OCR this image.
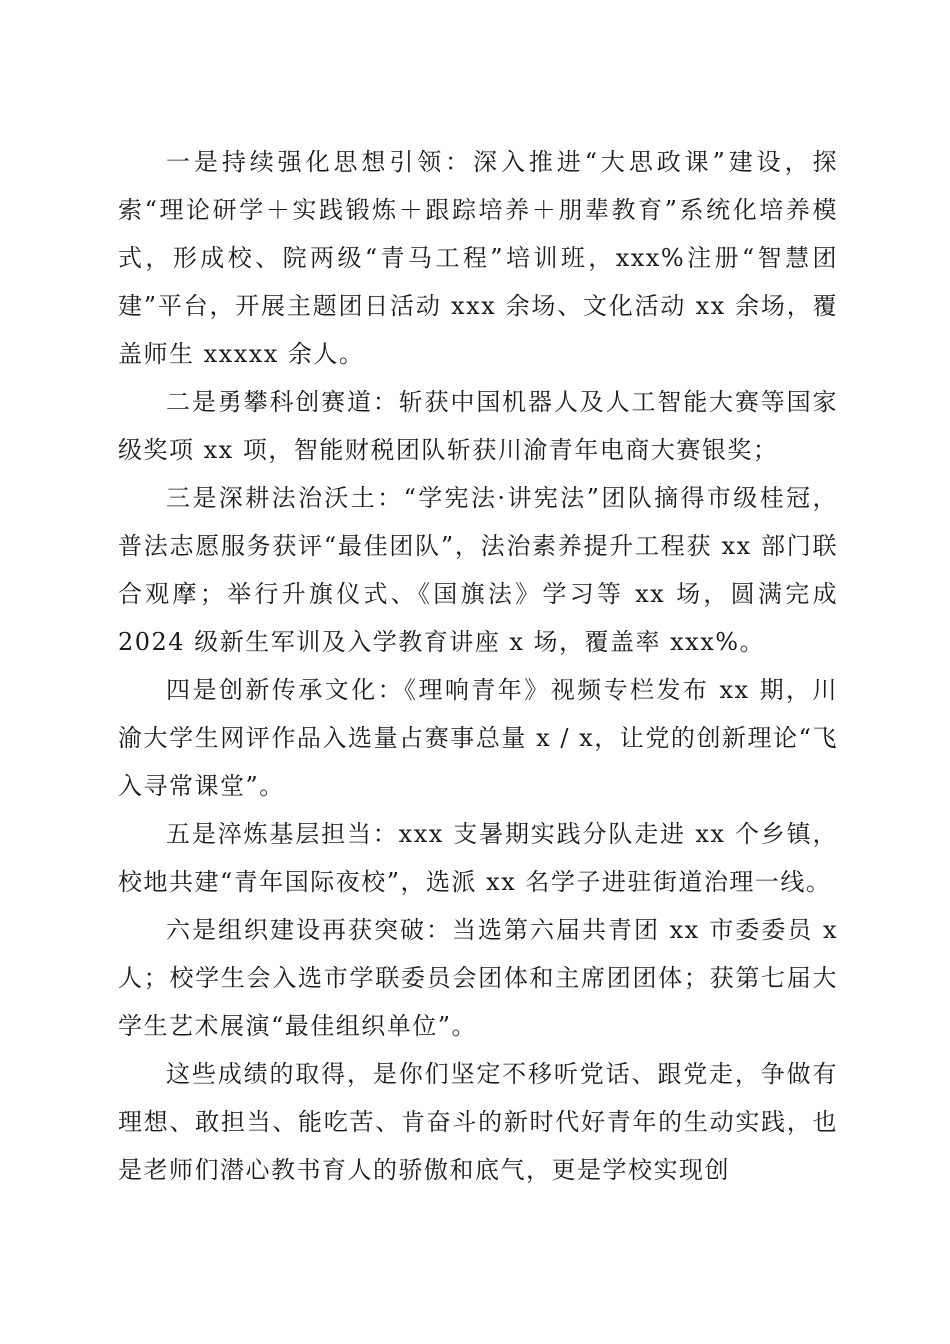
一是持续强化思想引领：深入推进“大思政课”建设，探索“理论研学＋实践锻炼＋跟踪培养＋朋辈教育”系统化培养模式，形成校、院两级“青马工程”培训班，xxx%注册“智慧团建”平台，开展主题团日活动 xxx 余场、文化活动 xx 余场，覆盖师生 xxxxx 余人。

二是勇攀科创赛道：斩获中国机器人及人工智能大赛等国家级奖项 xx 项，智能财税团队斩获川渝青年电商大赛银奖；

三是深耕法治沃土：“学宪法·讲宪法”团队摘得市级桂冠，普法志愿服务获评“最佳团队”，法治素养提升工程获 xx 部门联合观摩；举行升旗仪式、《国旗法》学习等 xx 场，圆满完成 2024 级新生军训及入学教育讲座 x 场，覆盖率 xxx%。

四是创新传承文化：《理响青年》视频专栏发布 xx 期，川渝大学生网评作品入选量占赛事总量 x / x，让党的创新理论“飞入寻常课堂”。

五是淬炼基层担当：xxx 支暑期实践分队走进 xx 个乡镇，校地共建“青年国际夜校”，选派 xx 名学子进驻街道治理一线。

六是组织建设再获突破：当选第六届共青团 xx 市委委员 x 人；校学生会入选市学联委员会团体和主席团团体；获第七届大学生艺术展演“最佳组织单位”。

这些成绩的取得，是你们坚定不移听党话、跟党走，争做有理想、敢担当、能吃苦、肯奋斗的新时代好青年的生动实践，也是老师们潜心教书育人的骄傲和底气，更是学校实现创
